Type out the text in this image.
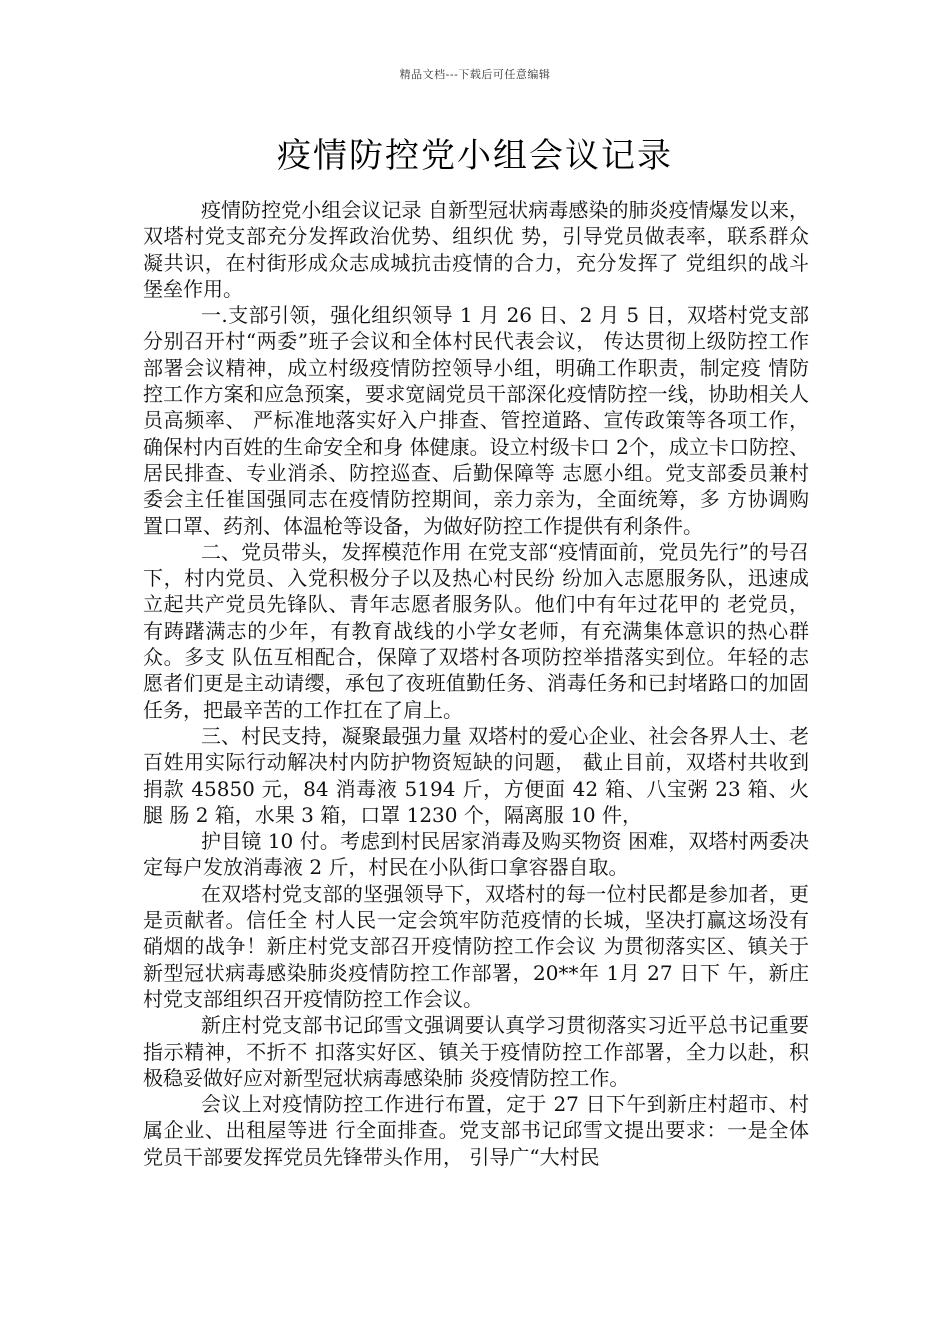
精品文档---下载后可任意编辑
疫情防控党小组会议记录

疫情防控党小组会议记录 自新型冠状病毒感染的肺炎疫情爆发以来，双塔村党支部充分发挥政治优势、组织优 势，引导党员做表率，联系群众凝共识，在村街形成众志成城抗击疫情的合力，充分发挥了 党组织的战斗堡垒作用。

一.支部引领，强化组织领导 1 月 26 日、2 月 5 日，双塔村党支部分别召开村“两委”班子会议和全体村民代表会议， 传达贯彻上级防控工作部署会议精神，成立村级疫情防控领导小组，明确工作职责，制定疫 情防控工作方案和应急预案，要求宽阔党员干部深化疫情防控一线，协助相关人员高频率、 严标准地落实好入户排查、管控道路、宣传政策等各项工作，确保村内百姓的生命安全和身 体健康。设立村级卡口 2个，成立卡口防控、居民排查、专业消杀、防控巡查、后勤保障等 志愿小组。党支部委员兼村委会主任崔国强同志在疫情防控期间，亲力亲为，全面统筹，多 方协调购置口罩、药剂、体温枪等设备，为做好防控工作提供有利条件。

二、党员带头，发挥模范作用 在党支部“疫情面前，党员先行”的号召下，村内党员、入党积极分子以及热心村民纷 纷加入志愿服务队，迅速成立起共产党员先锋队、青年志愿者服务队。他们中有年过花甲的 老党员，有踌躇满志的少年，有教育战线的小学女老师，有充满集体意识的热心群众。多支 队伍互相配合，保障了双塔村各项防控举措落实到位。年轻的志愿者们更是主动请缨，承包了夜班值勤任务、消毒任务和已封堵路口的加固任务，把最辛苦的工作扛在了肩上。

三、村民支持，凝聚最强力量 双塔村的爱心企业、社会各界人士、老百姓用实际行动解决村内防护物资短缺的问题， 截止目前，双塔村共收到捐款 45850 元，84 消毒液 5194 斤，方便面 42 箱、八宝粥 23 箱、火腿 肠 2 箱，水果 3 箱，口罩 1230 个，隔离服 10 件，

护目镜 10 付。考虑到村民居家消毒及购买物资 困难，双塔村两委决定每户发放消毒液 2 斤，村民在小队街口拿容器自取。

在双塔村党支部的坚强领导下，双塔村的每一位村民都是参加者，更是贡献者。信任全 村人民一定会筑牢防范疫情的长城，坚决打赢这场没有硝烟的战争！新庄村党支部召开疫情防控工作会议 为贯彻落实区、镇关于新型冠状病毒感染肺炎疫情防控工作部署，20**年 1月 27 日下 午，新庄村党支部组织召开疫情防控工作会议。

新庄村党支部书记邱雪文强调要认真学习贯彻落实习近平总书记重要指示精神，不折不 扣落实好区、镇关于疫情防控工作部署，全力以赴，积极稳妥做好应对新型冠状病毒感染肺 炎疫情防控工作。

会议上对疫情防控工作进行布置，定于 27 日下午到新庄村超市、村属企业、出租屋等进 行全面排查。党支部书记邱雪文提出要求：一是全体党员干部要发挥党员先锋带头作用， 引导广“大村民
